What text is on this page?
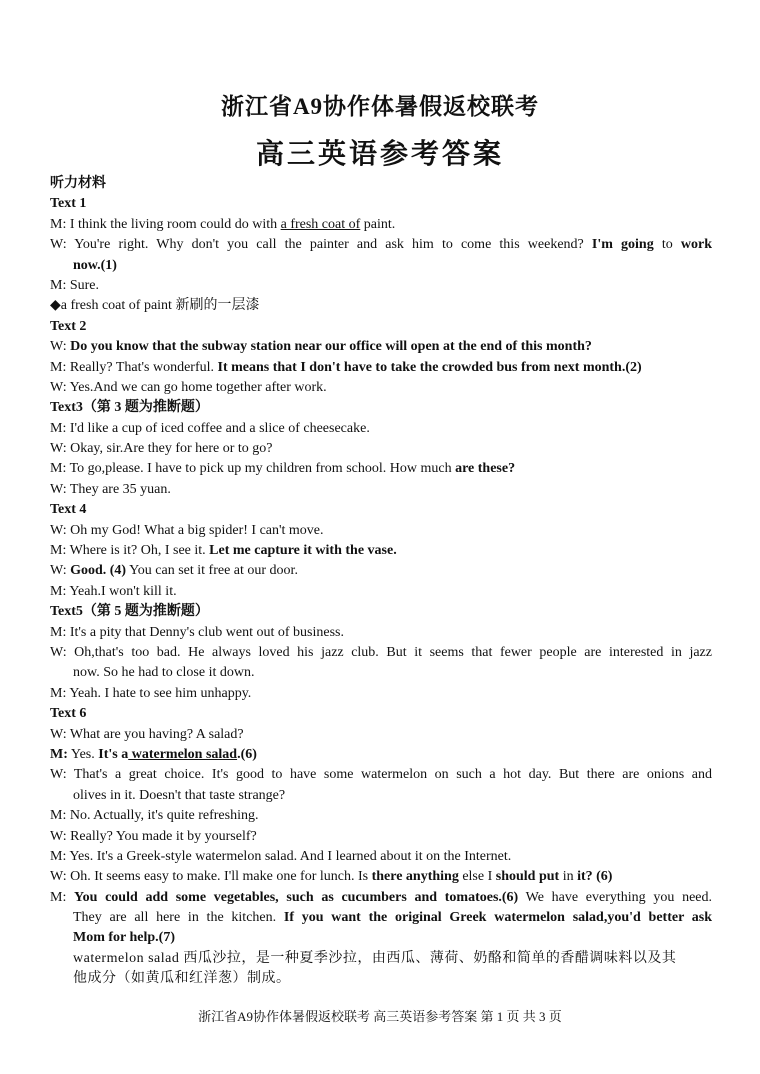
浙江省A9协作体暑假返校联考
高三英语参考答案
听力材料
Text 1
M: I think the living room could do with a fresh coat of paint.
W: You're right. Why don't you call the painter and ask him to come this weekend? I'm going to work
now.(1)
M: Sure.
◆a fresh coat of paint 新刷的一层漆
Text 2
W: Do you know that the subway station near our office will open at the end of this month?
M: Really? That's wonderful. It means that I don't have to take the crowded bus from next month.(2)
W: Yes.And we can go home together after work.
Text3（第 3 题为推断题）
M: I'd like a cup of iced coffee and a slice of cheesecake.
W: Okay, sir.Are they for here or to go?
M: To go,please. I have to pick up my children from school. How much are these?
W: They are 35 yuan.
Text 4
W: Oh my God! What a big spider! I can't move.
M: Where is it? Oh, I see it. Let me capture it with the vase.
W: Good. (4) You can set it free at our door.
M: Yeah.I won't kill it.
Text5（第 5 题为推断题）
M: It's a pity that Denny's club went out of business.
W: Oh,that's too bad. He always loved his jazz club. But it seems that fewer people are interested in jazz
now. So he had to close it down.
M: Yeah. I hate to see him unhappy.
Text 6
W: What are you having? A salad?
M: Yes. It's a watermelon salad.(6)
W: That's a great choice. It's good to have some watermelon on such a hot day. But there are onions and
olives in it. Doesn't that taste strange?
M: No. Actually, it's quite refreshing.
W: Really? You made it by yourself?
M: Yes. It's a Greek-style watermelon salad. And I learned about it on the Internet.
W: Oh. It seems easy to make. I'll make one for lunch. Is there anything else I should put in it? (6)
M: You could add some vegetables, such as cucumbers and tomatoes.(6) We have everything you need.
They are all here in the kitchen. If you want the original Greek watermelon salad,you'd better ask
Mom for help.(7)
watermelon salad 西瓜沙拉，是一种夏季沙拉，由西瓜、薄荷、奶酪和简单的香醋调味料以及其
他成分（如黄瓜和红洋葱）制成。
浙江省A9协作体暑假返校联考 高三英语参考答案 第 1 页 共 3 页
